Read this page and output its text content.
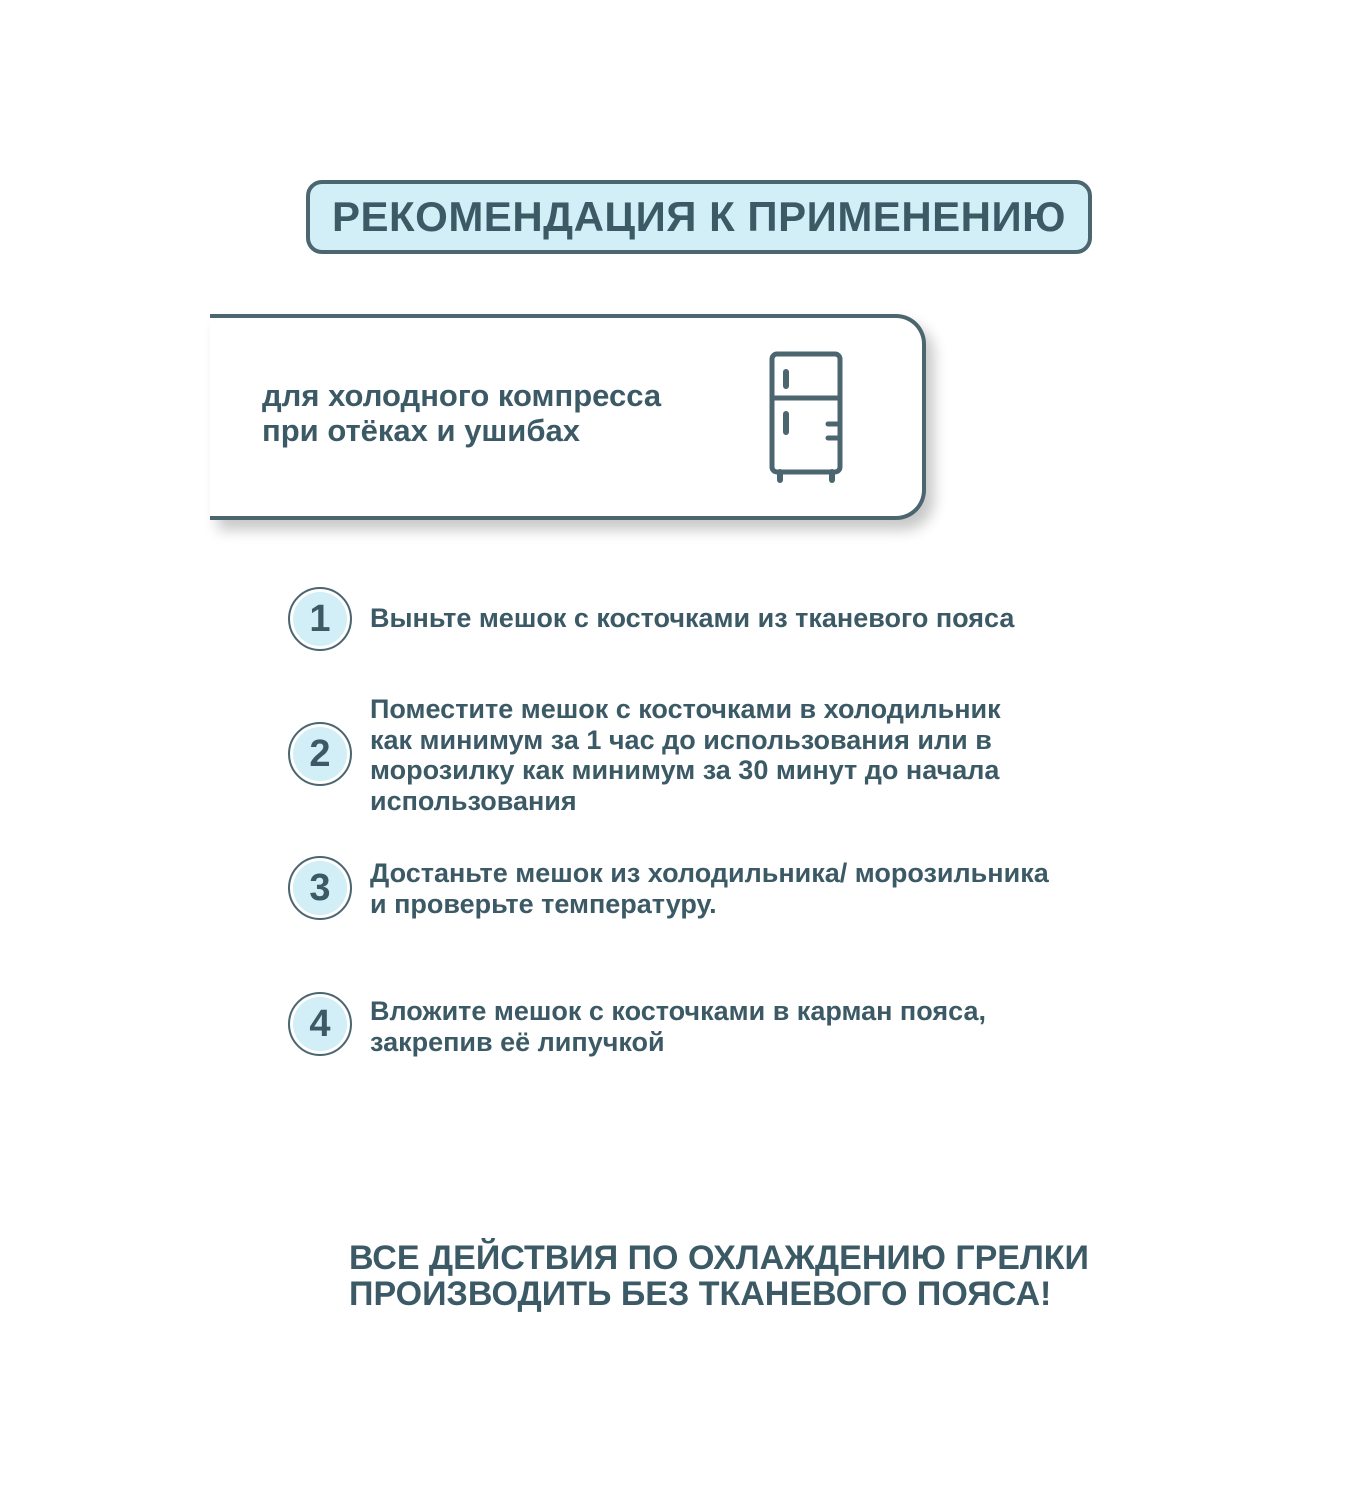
РЕКОМЕНДАЦИЯ К ПРИМЕНЕНИЮ
для холодного компресса
при отёках и ушибах
1	Выньте мешок с косточками из тканевого пояса
2
Поместите мешок с косточками в холодильник
как минимум за 1 час до использования или в
морозилку как минимум за 30 минут до начала
использования
3	Достаньте мешок из холодильника/ морозильника
и проверьте температуру.
4	Вложите мешок с косточками в карман пояса,
закрепив её липучкой
ВСЕ ДЕЙСТВИЯ ПО ОХЛАЖДЕНИЮ ГРЕЛКИ
ПРОИЗВОДИТЬ БЕЗ ТКАНЕВОГО ПОЯСА!
